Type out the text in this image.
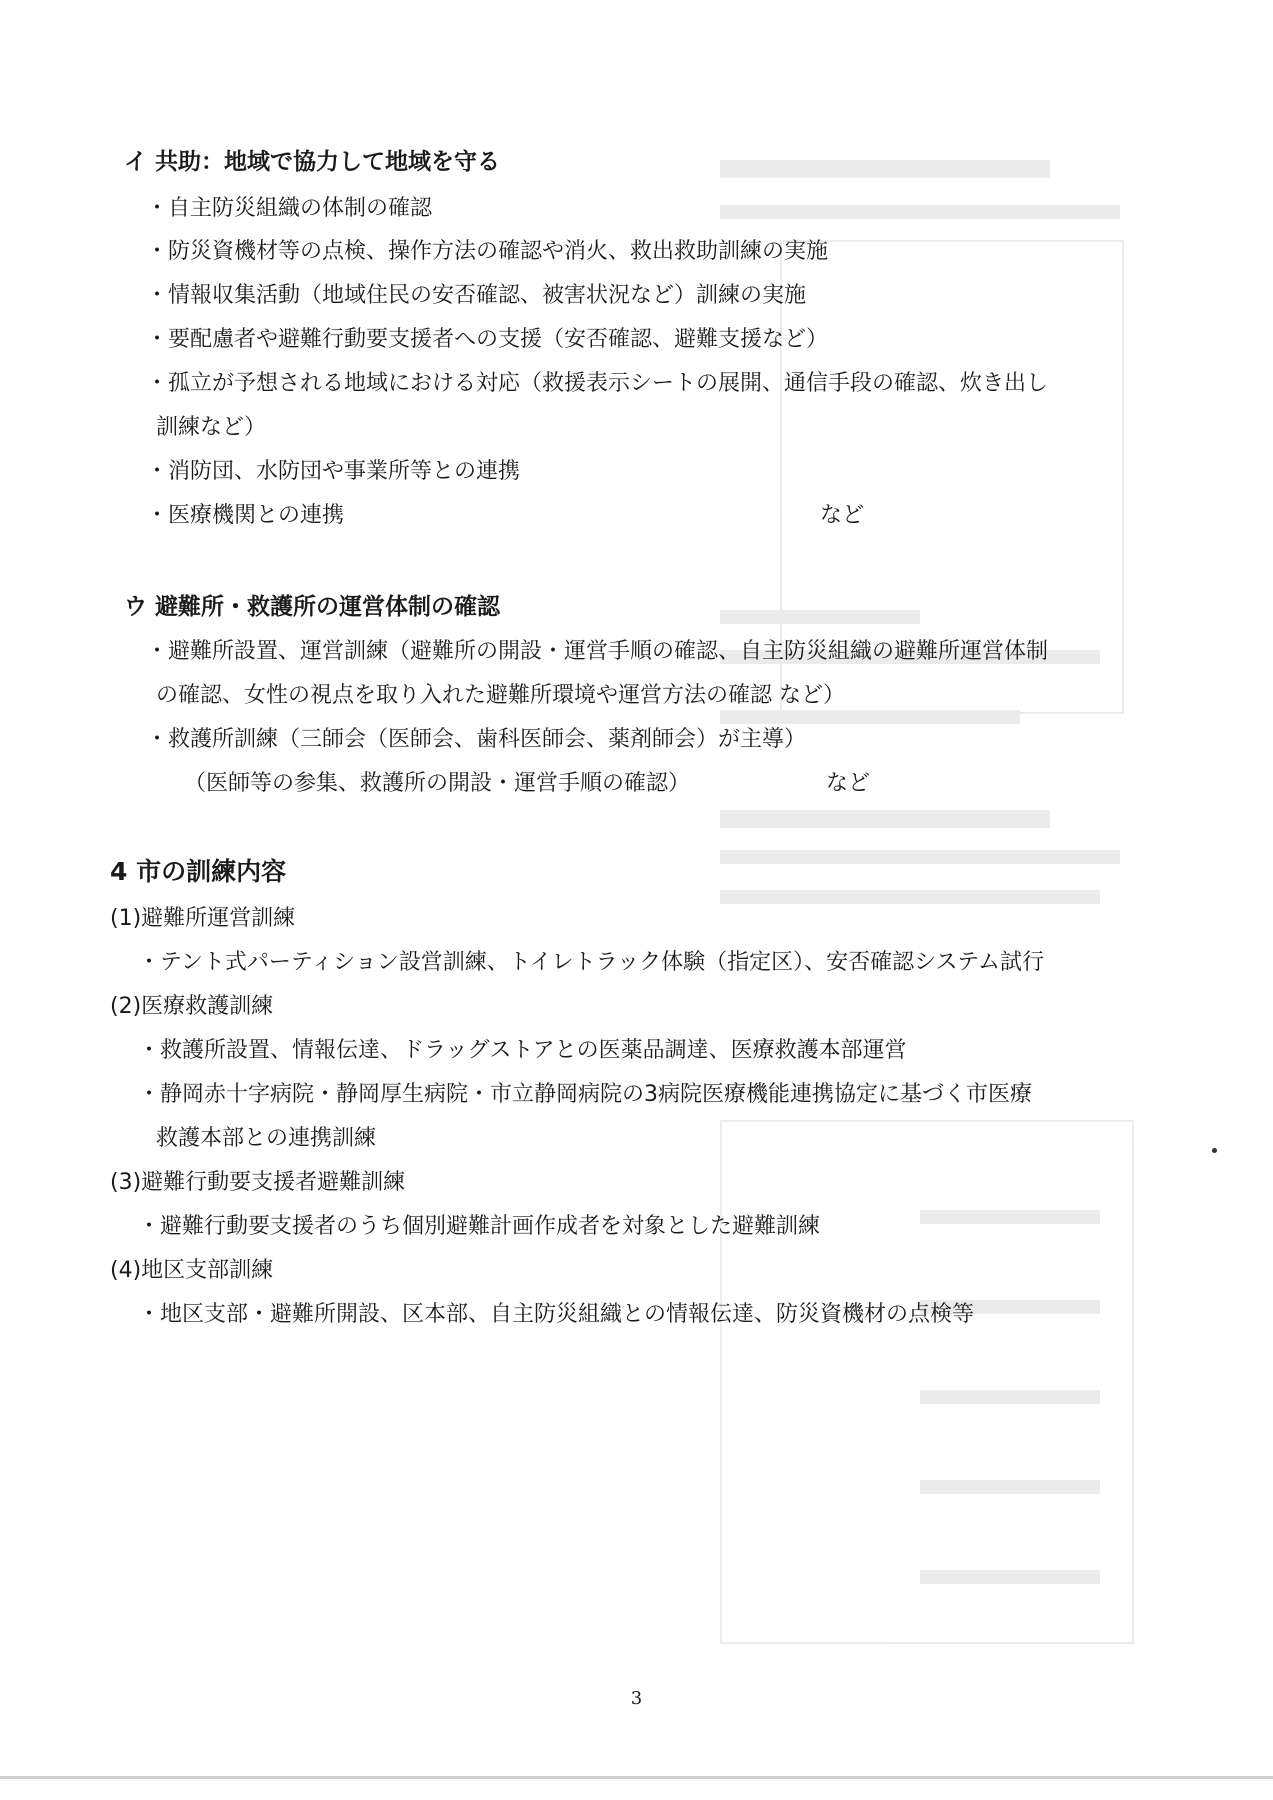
イ 共助：地域で協力して地域を守る
・自主防災組織の体制の確認
・防災資機材等の点検、操作方法の確認や消火、救出救助訓練の実施
・情報収集活動（地域住民の安否確認、被害状況など）訓練の実施
・要配慮者や避難行動要支援者への支援（安否確認、避難支援など）
・孤立が予想される地域における対応（救援表示シートの展開、通信手段の確認、炊き出し
訓練など）
・消防団、水防団や事業所等との連携
・医療機関との連携	など
ウ 避難所・救護所の運営体制の確認
・避難所設置、運営訓練（避難所の開設・運営手順の確認、自主防災組織の避難所運営体制
の確認、女性の視点を取り入れた避難所環境や運営方法の確認 など）
・救護所訓練（三師会（医師会、歯科医師会、薬剤師会）が主導）
（医師等の参集、救護所の開設・運営手順の確認）	など
4 市の訓練内容
(1)避難所運営訓練
・テント式パーティション設営訓練、トイレトラック体験（指定区）、安否確認システム試行
(2)医療救護訓練
・救護所設置、情報伝達、ドラッグストアとの医薬品調達、医療救護本部運営
・静岡赤十字病院・静岡厚生病院・市立静岡病院の3病院医療機能連携協定に基づく市医療
救護本部との連携訓練
(3)避難行動要支援者避難訓練
・避難行動要支援者のうち個別避難計画作成者を対象とした避難訓練
(4)地区支部訓練
・地区支部・避難所開設、区本部、自主防災組織との情報伝達、防災資機材の点検等
3
